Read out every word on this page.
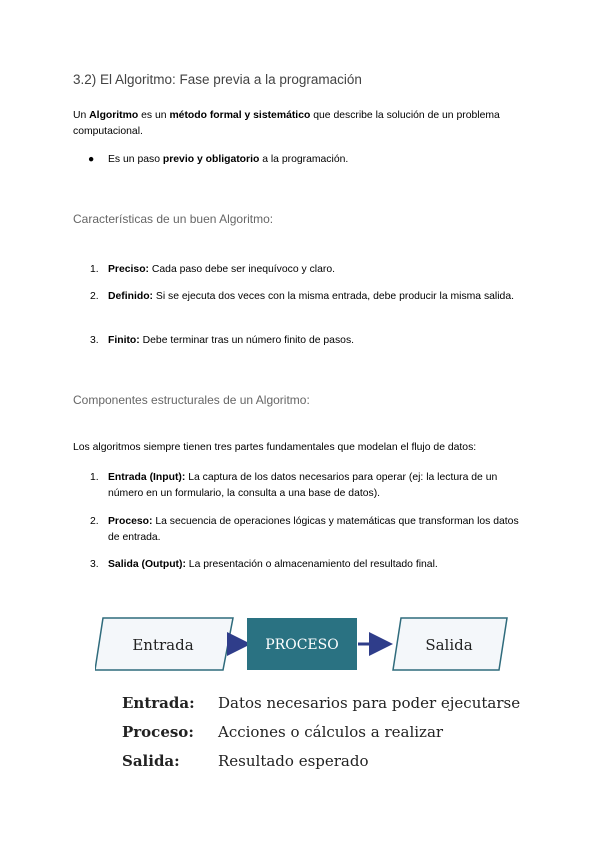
3.2) El Algoritmo: Fase previa a la programación
Un Algoritmo es un método formal y sistemático que describe la solución de un problema computacional.
● Es un paso previo y obligatorio a la programación.
Características de un buen Algoritmo:
1. Preciso: Cada paso debe ser inequívoco y claro.
2. Definido: Si se ejecuta dos veces con la misma entrada, debe producir la misma salida.
3. Finito: Debe terminar tras un número finito de pasos.
Componentes estructurales de un Algoritmo:
Los algoritmos siempre tienen tres partes fundamentales que modelan el flujo de datos:
1. Entrada (Input): La captura de los datos necesarios para operar (ej: la lectura de un número en un formulario, la consulta a una base de datos).
2. Proceso: La secuencia de operaciones lógicas y matemáticas que transforman los datos de entrada.
3. Salida (Output): La presentación o almacenamiento del resultado final.
Entrada	PROCESO	Salida
Entrada: Datos necesarios para poder ejecutarse
Proceso: Acciones o cálculos a realizar
Salida:	Resultado esperado
